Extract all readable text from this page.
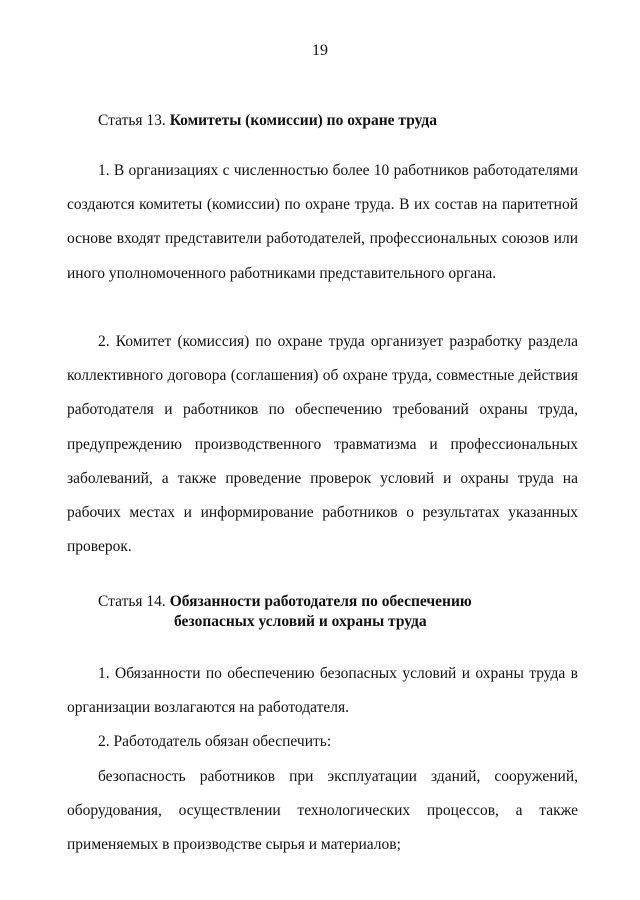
19
Статья 13. Комитеты (комиссии) по охране труда

1. В организациях с численностью более 10 работников работодателями создаются комитеты (комиссии) по охране труда. В их состав на паритетной основе входят представители работодателей, профессиональных союзов или иного уполномоченного работниками представительного органа.

2. Комитет (комиссия) по охране труда организует разработку раздела коллективного договора (соглашения) об охране труда, совместные действия работодателя и работников по обеспечению требований охраны труда, предупреждению производственного травматизма и профессиональных заболеваний, а также проведение проверок условий и охраны труда на рабочих местах и информирование работников о результатах указанных проверок.

Статья 14. Обязанности работодателя по обеспечению
безопасных условий и охраны труда

1. Обязанности по обеспечению безопасных условий и охраны труда в организации возлагаются на работодателя.

2. Работодатель обязан обеспечить:

безопасность работников при эксплуатации зданий, сооружений, оборудования, осуществлении технологических процессов, а также применяемых в производстве сырья и материалов;
